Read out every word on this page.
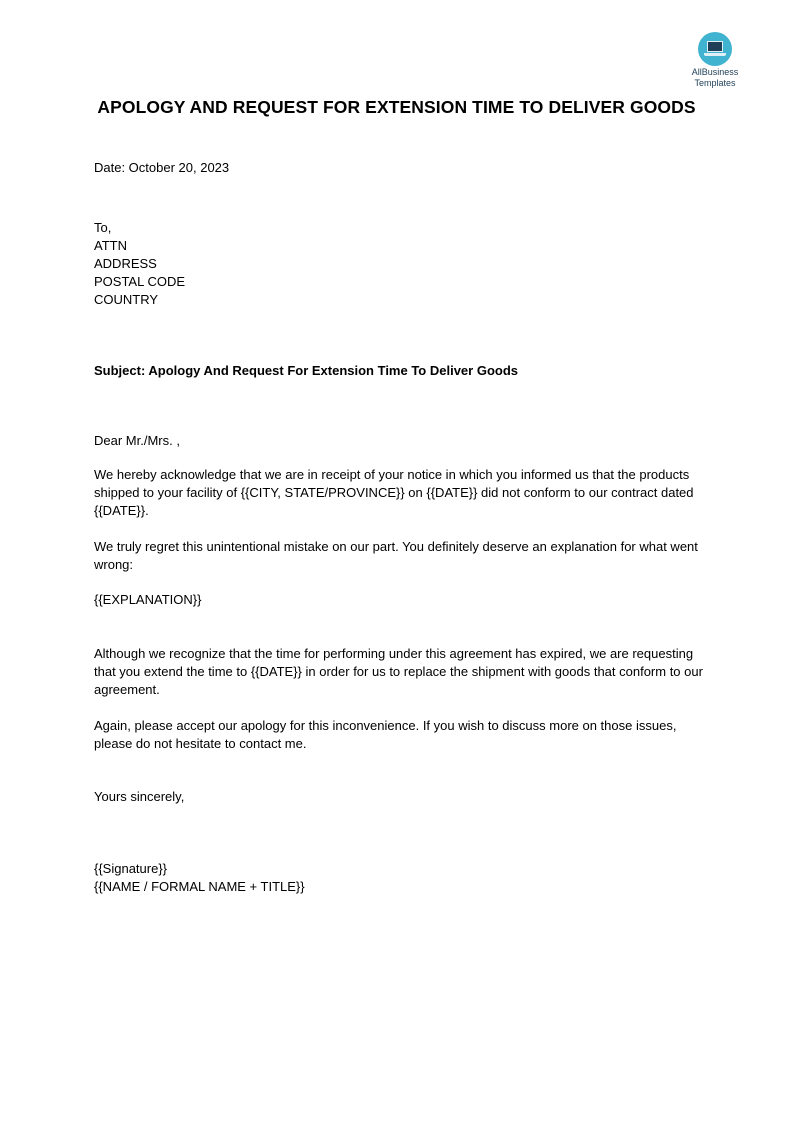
AllBusiness
Templates
APOLOGY AND REQUEST FOR EXTENSION TIME TO DELIVER GOODS
Date: October 20, 2023

To,

ATTN

ADDRESS

POSTAL CODE

COUNTRY

Subject: Apology And Request For Extension Time To Deliver Goods
Dear Mr./Mrs. ,
We hereby acknowledge that we are in receipt of your notice in which you informed us that the products shipped to your facility of {{CITY, STATE/PROVINCE}} on {{DATE}} did not conform to our contract dated {{DATE}}.
We truly regret this unintentional mistake on our part. You definitely deserve an explanation for what went wrong:
{{EXPLANATION}}
Although we recognize that the time for performing under this agreement has expired, we are requesting that you extend the time to {{DATE}} in order for us to replace the shipment with goods that conform to our agreement.
Again, please accept our apology for this inconvenience. If you wish to discuss more on those issues, please do not hesitate to contact me.
Yours sincerely,

{{Signature}}

{{NAME / FORMAL NAME + TITLE}}
